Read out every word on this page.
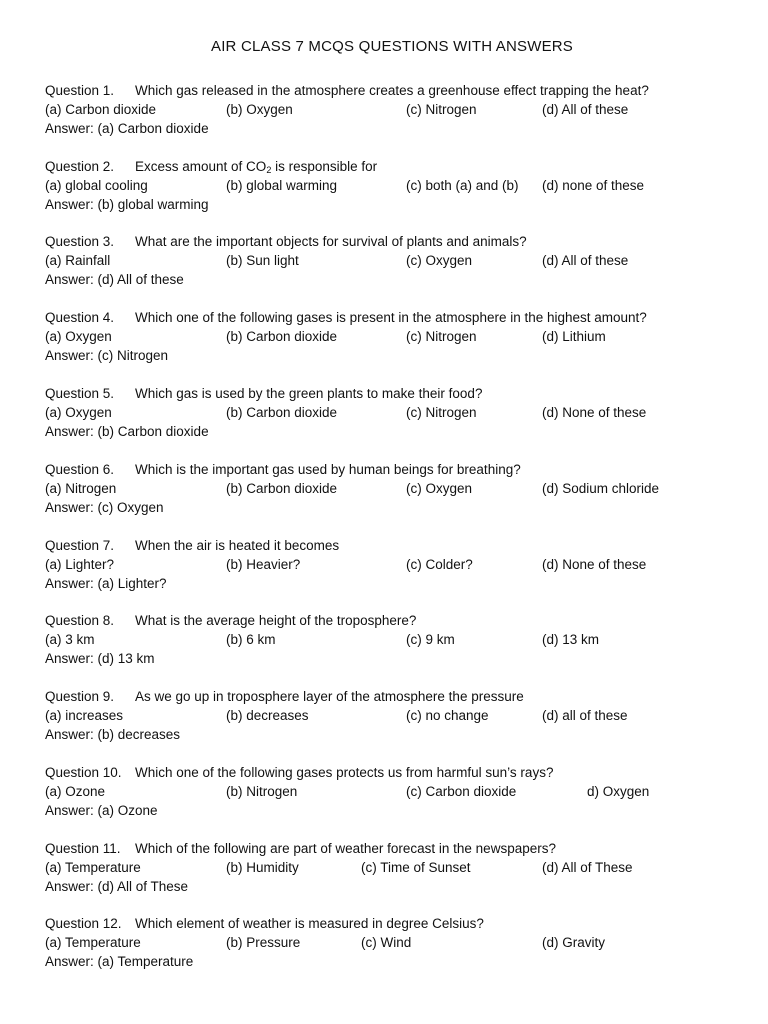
AIR CLASS 7 MCQS QUESTIONS WITH ANSWERS
Question 1. Which gas released in the atmosphere creates a greenhouse effect trapping the heat?
(a) Carbon dioxide	(b) Oxygen	(c) Nitrogen	(d) All of these
Answer: (a) Carbon dioxide
Question 2. Excess amount of $CO_2$ is responsible for
(a) global cooling	(b) global warming	(c) both (a) and (b) (d) none of these
Answer: (b) global warming
Question 3. What are the important objects for survival of plants and animals?
(a) Rainfall	(b) Sun light	(c) Oxygen	(d) All of these
Answer: (d) All of these
Question 4. Which one of the following gases is present in the atmosphere in the highest amount?
(a) Oxygen	(b) Carbon dioxide	(c) Nitrogen	(d) Lithium
Answer: (c) Nitrogen
Question 5. Which gas is used by the green plants to make their food?
(a) Oxygen	(b) Carbon dioxide	(c) Nitrogen	(d) None of these
Answer: (b) Carbon dioxide
Question 6. Which is the important gas used by human beings for breathing?
(a) Nitrogen	(b) Carbon dioxide	(c) Oxygen	(d) Sodium chloride
Answer: (c) Oxygen
Question 7. When the air is heated it becomes
(a) Lighter?	(b) Heavier?	(c) Colder?	(d) None of these
Answer: (a) Lighter?
Question 8. What is the average height of the troposphere?
(a) 3 km	(b) 6 km	(c) 9 km	(d) 13 km
Answer: (d) 13 km
Question 9. As we go up in troposphere layer of the atmosphere the pressure
(a) increases	(b) decreases	(c) no change	(d) all of these
Answer: (b) decreases
Question 10. Which one of the following gases protects us from harmful sun’s rays?
(a) Ozone	(b) Nitrogen	(c) Carbon dioxide	d) Oxygen
Answer: (a) Ozone
Question 11. Which of the following are part of weather forecast in the newspapers?
(a) Temperature	(b) Humidity	(c) Time of Sunset	(d) All of These
Answer: (d) All of These
Question 12. Which element of weather is measured in degree Celsius?
(a) Temperature	(b) Pressure	(c) Wind	(d) Gravity
Answer: (a) Temperature
